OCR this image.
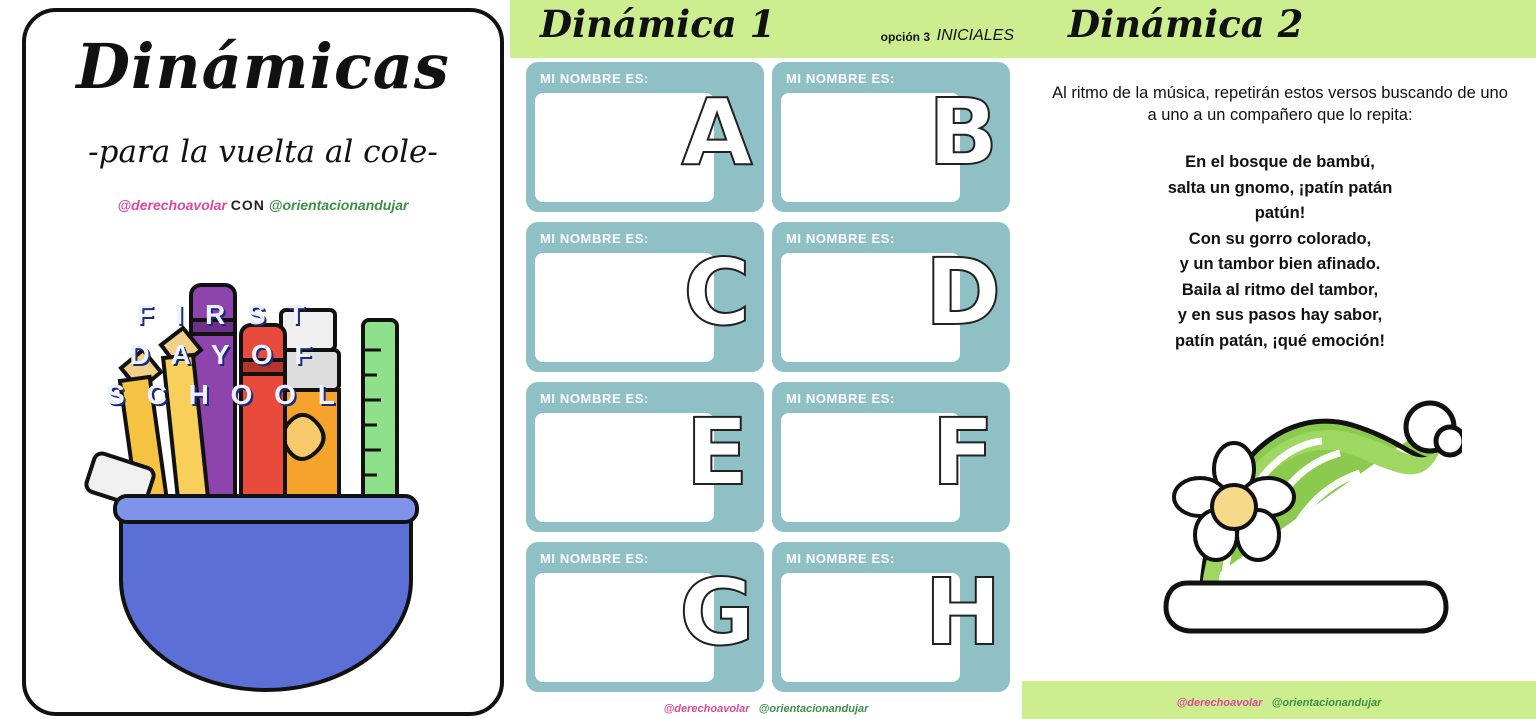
Dinámicas
-para la vuelta al cole-
@derechoavolar CON @orientacionandujar
F I R S T
D A Y O F
S C H O O L
Dinámica 1	opción 3 INICIALES
MI NOMBRE ES:
A
MI NOMBRE ES:
B
MI NOMBRE ES:
C
MI NOMBRE ES:
D
MI NOMBRE ES:
E
MI NOMBRE ES:
F
MI NOMBRE ES:
G
MI NOMBRE ES:
H
@derechoavolar @orientacionandujar
Dinámica 2
Al ritmo de la música, repetirán estos versos buscando de uno a uno a un compañero que lo repita:
En el bosque de bambú,
salta un gnomo, ¡patín patán
patún!
Con su gorro colorado,
y un tambor bien afinado.
Baila al ritmo del tambor,
y en sus pasos hay sabor,
patín patán, ¡qué emoción!
@derechoavolar @orientacionandujar
